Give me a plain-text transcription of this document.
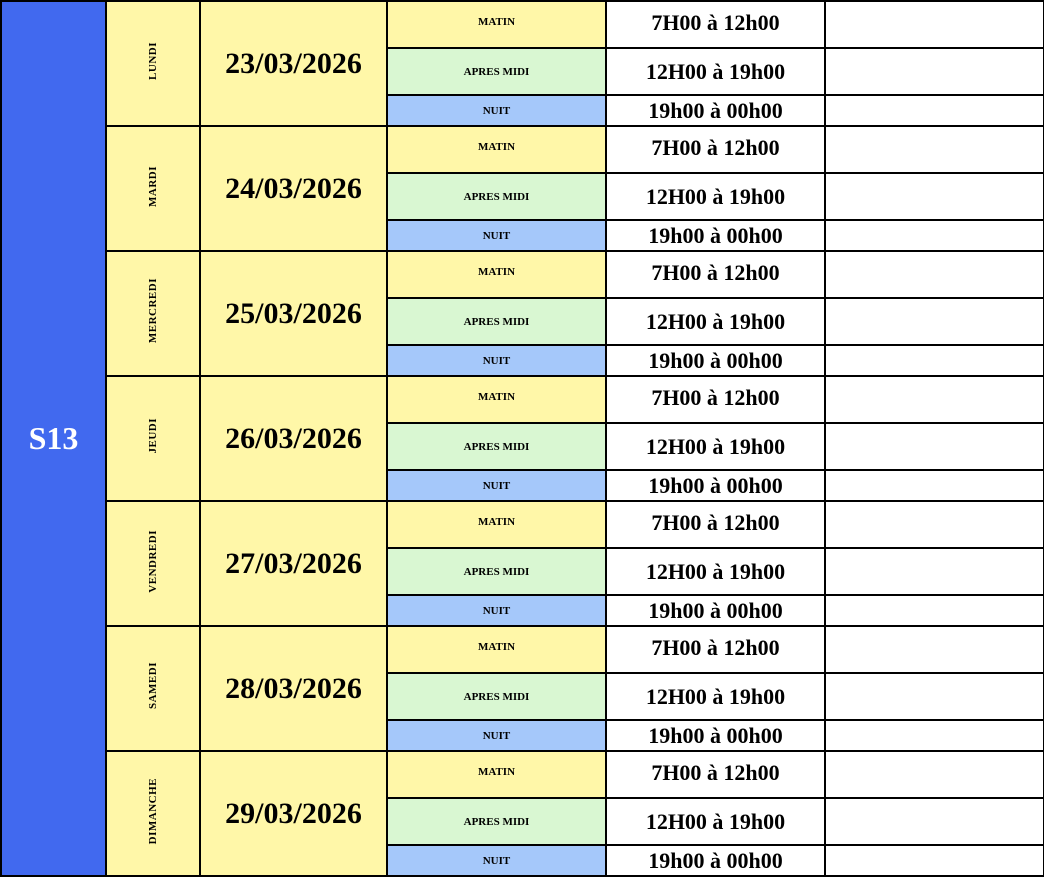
S13	LUNDI	23/03/2026	MATIN	7H00 à 12h00	
			APRES MIDI	12H00 à 19h00	
			NUIT	19h00 à 00h00	
	MARDI	24/03/2026	MATIN	7H00 à 12h00	
			APRES MIDI	12H00 à 19h00	
			NUIT	19h00 à 00h00	
	MERCREDI	25/03/2026	MATIN	7H00 à 12h00	
			APRES MIDI	12H00 à 19h00	
			NUIT	19h00 à 00h00	
	JEUDI	26/03/2026	MATIN	7H00 à 12h00	
			APRES MIDI	12H00 à 19h00	
			NUIT	19h00 à 00h00	
	VENDREDI	27/03/2026	MATIN	7H00 à 12h00	
			APRES MIDI	12H00 à 19h00	
			NUIT	19h00 à 00h00	
	SAMEDI	28/03/2026	MATIN	7H00 à 12h00	
			APRES MIDI	12H00 à 19h00	
			NUIT	19h00 à 00h00	
	DIMANCHE	29/03/2026	MATIN	7H00 à 12h00	
			APRES MIDI	12H00 à 19h00	
			NUIT	19h00 à 00h00	
